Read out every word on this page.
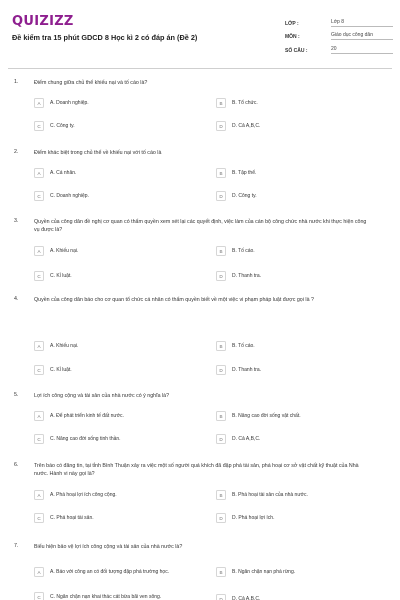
QUIZIZZ
Đề kiểm tra 15 phút GDCD 8 Học kì 2 có đáp án (Đề 2)
LỚP :	Lớp 8
MÔN :	Giáo dục công dân
SỐ CÂU :	20
1.	Điểm chung giữa chủ thể khiếu nại và tố cáo là?
A	A. Doanh nghiệp.	B	B. Tổ chức.
C	C. Công ty.	D	D. Cả A,B,C.
2.	Điểm khác biệt trong chủ thể về khiếu nại với tố cáo là
A	A. Cá nhân.	B	B. Tập thể.
C	C. Doanh nghiệp.	D	D. Công ty.
3.	Quyền của công dân đề nghị cơ quan có thẩm quyền xem xét lại các quyết định, việc làm của cán bộ công chức nhà nước khi thực hiện công vụ được là?
A	A. Khiếu nại.	B	B. Tố cáo.
C	C. Kỉ luật.	D	D. Thanh tra.
4.	Quyền của công dân báo cho cơ quan tổ chức cá nhân có thẩm quyền biết về một việc vi phạm pháp luật được gọi là ?
A	A. Khiếu nại.	B	B. Tố cáo.
C	C. Kỉ luật.	D	D. Thanh tra.
5.	Lợi ích công cộng và tài sản của nhà nước có ý nghĩa là?
A	A. Để phát triển kinh tế đất nước.	B	B. Nâng cao đời sống vật chất.
C	C. Nâng cao đời sống tinh thần.	D	D. Cả A,B,C.
6.	Trên báo có đăng tin, tại tỉnh Bình Thuận xảy ra việc một số người quá khích đã đập phá tài sản, phá hoại cơ sở vật chất kỹ thuật của Nhà nước. Hành vi này gọi là?
A	A. Phá hoại lợi ích công cộng.	B	B. Phá hoại tài sản của nhà nước.
C	C. Phá hoại tài sản.	D	D. Phá hoại lợi ích.
7.	Biểu hiện bảo vệ lợi ích công cộng và tài sản của nhà nước là?
A	A. Báo với công an có đối tượng đập phá trường học.	B	B. Ngăn chặn nạn phá rừng.
C	C. Ngăn chặn nạn khai thác cát bừa bãi ven sông.	D	D. Cả A,B,C.
